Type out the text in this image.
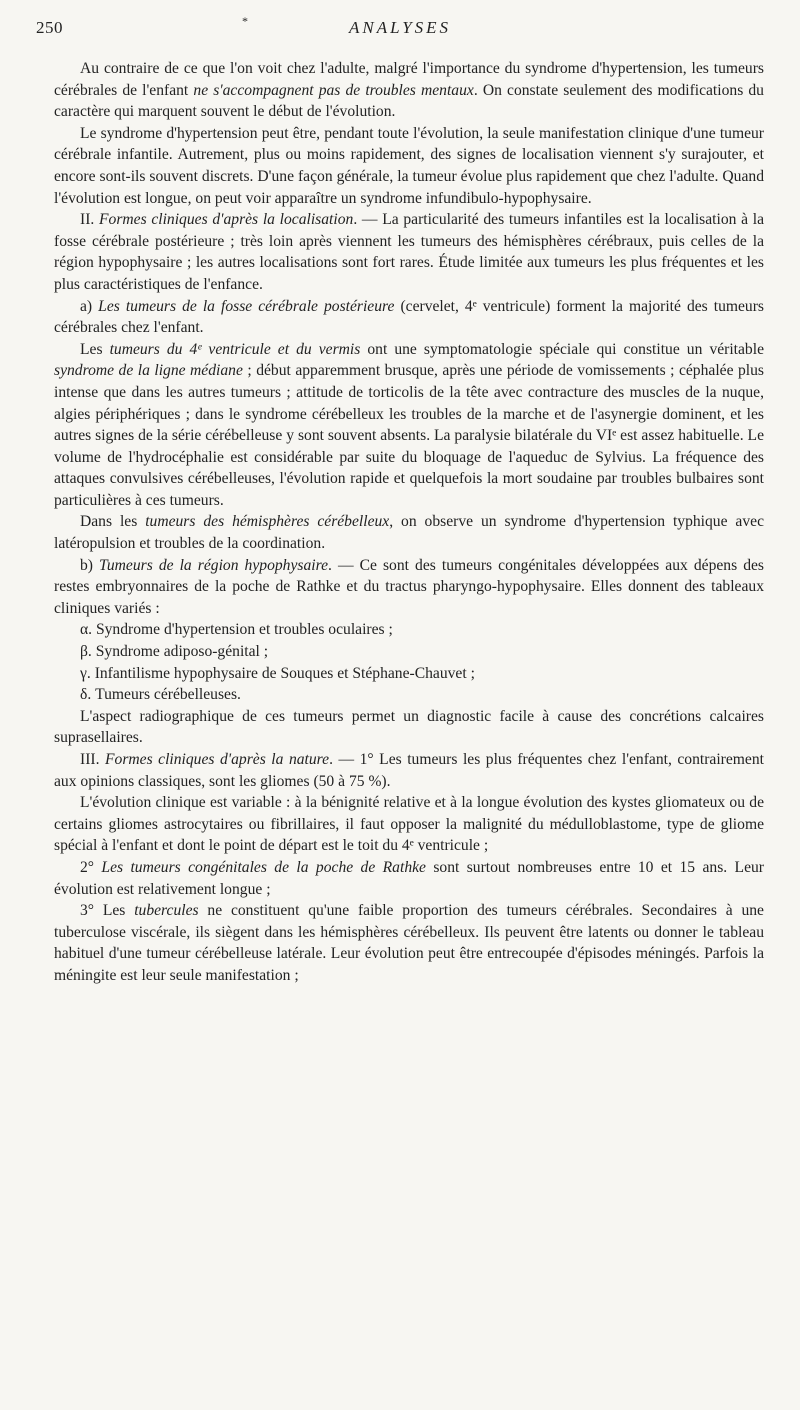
250	*	ANALYSES

Au contraire de ce que l'on voit chez l'adulte, malgré l'importance du syndrome d'hypertension, les tumeurs cérébrales de l'enfant ne s'accompagnent pas de troubles mentaux. On constate seulement des modifications du caractère qui marquent souvent le début de l'évolution.

Le syndrome d'hypertension peut être, pendant toute l'évolution, la seule manifestation clinique d'une tumeur cérébrale infantile. Autrement, plus ou moins rapidement, des signes de localisation viennent s'y surajouter, et encore sont-ils souvent discrets. D'une façon générale, la tumeur évolue plus rapidement que chez l'adulte. Quand l'évolution est longue, on peut voir apparaître un syndrome infundibulo-hypophysaire.

II. Formes cliniques d'après la localisation. — La particularité des tumeurs infantiles est la localisation à la fosse cérébrale postérieure ; très loin après viennent les tumeurs des hémisphères cérébraux, puis celles de la région hypophysaire ; les autres localisations sont fort rares. Étude limitée aux tumeurs les plus fréquentes et les plus caractéristiques de l'enfance.

a) Les tumeurs de la fosse cérébrale postérieure (cervelet, 4ᵉ ventricule) forment la majorité des tumeurs cérébrales chez l'enfant.

Les tumeurs du 4ᵉ ventricule et du vermis ont une symptomatologie spéciale qui constitue un véritable syndrome de la ligne médiane ; début apparemment brusque, après une période de vomissements ; céphalée plus intense que dans les autres tumeurs ; attitude de torticolis de la tête avec contracture des muscles de la nuque, algies périphériques ; dans le syndrome cérébelleux les troubles de la marche et de l'asynergie dominent, et les autres signes de la série cérébelleuse y sont souvent absents. La paralysie bilatérale du VIᵉ est assez habituelle. Le volume de l'hydrocéphalie est considérable par suite du bloquage de l'aqueduc de Sylvius. La fréquence des attaques convulsives cérébelleuses, l'évolution rapide et quelquefois la mort soudaine par troubles bulbaires sont particulières à ces tumeurs.

Dans les tumeurs des hémisphères cérébelleux, on observe un syndrome d'hypertension typhique avec latéropulsion et troubles de la coordination.

b) Tumeurs de la région hypophysaire. — Ce sont des tumeurs congénitales développées aux dépens des restes embryonnaires de la poche de Rathke et du tractus pharyngo-hypophysaire. Elles donnent des tableaux cliniques variés :

α. Syndrome d'hypertension et troubles oculaires ;

β. Syndrome adiposo-génital ;

γ. Infantilisme hypophysaire de Souques et Stéphane-Chauvet ;

δ. Tumeurs cérébelleuses.

L'aspect radiographique de ces tumeurs permet un diagnostic facile à cause des concrétions calcaires suprasellaires.

III. Formes cliniques d'après la nature. — 1° Les tumeurs les plus fréquentes chez l'enfant, contrairement aux opinions classiques, sont les gliomes (50 à 75 %).

L'évolution clinique est variable : à la bénignité relative et à la longue évolution des kystes gliomateux ou de certains gliomes astrocytaires ou fibrillaires, il faut opposer la malignité du médulloblastome, type de gliome spécial à l'enfant et dont le point de départ est le toit du 4ᵉ ventricule ;

2° Les tumeurs congénitales de la poche de Rathke sont surtout nombreuses entre 10 et 15 ans. Leur évolution est relativement longue ;

3° Les tubercules ne constituent qu'une faible proportion des tumeurs cérébrales. Secondaires à une tuberculose viscérale, ils siègent dans les hémisphères cérébelleux. Ils peuvent être latents ou donner le tableau habituel d'une tumeur cérébelleuse latérale. Leur évolution peut être entrecoupée d'épisodes méningés. Parfois la méningite est leur seule manifestation ;
